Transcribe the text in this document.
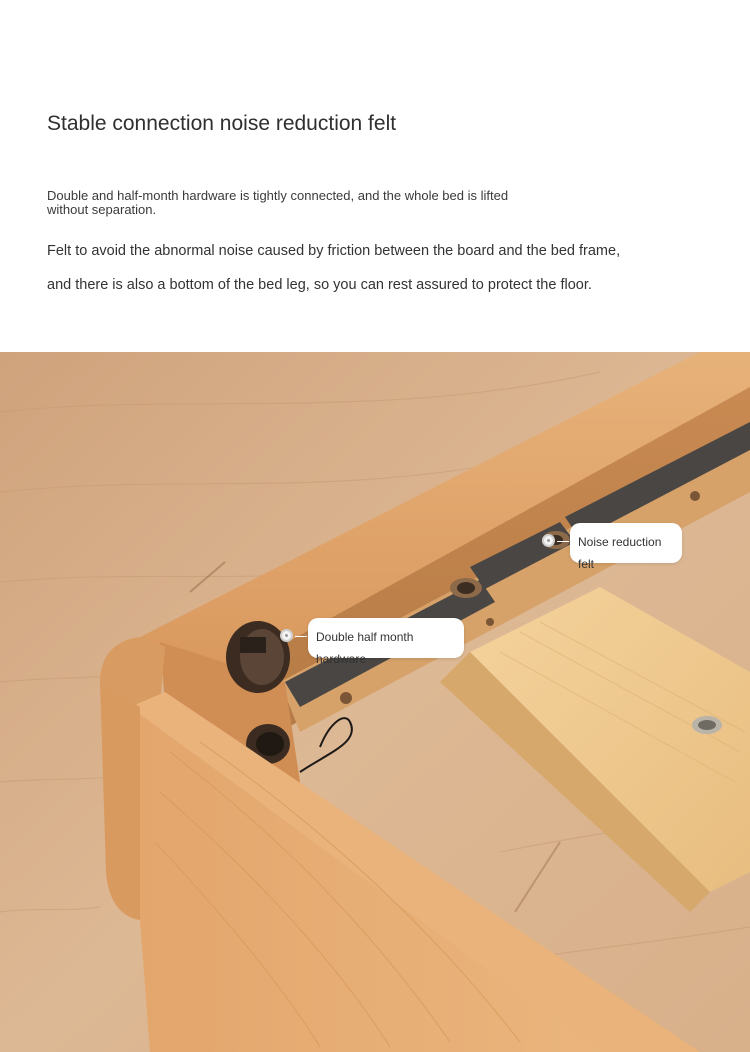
Stable connection noise reduction felt
Double and half-month hardware is tightly connected, and the whole bed is lifted without separation.
Felt to avoid the abnormal noise caused by friction between the board and the bed frame, and there is also a bottom of the bed leg, so you can rest assured to protect the floor.
Noise reduction felt
Double half month hardware
